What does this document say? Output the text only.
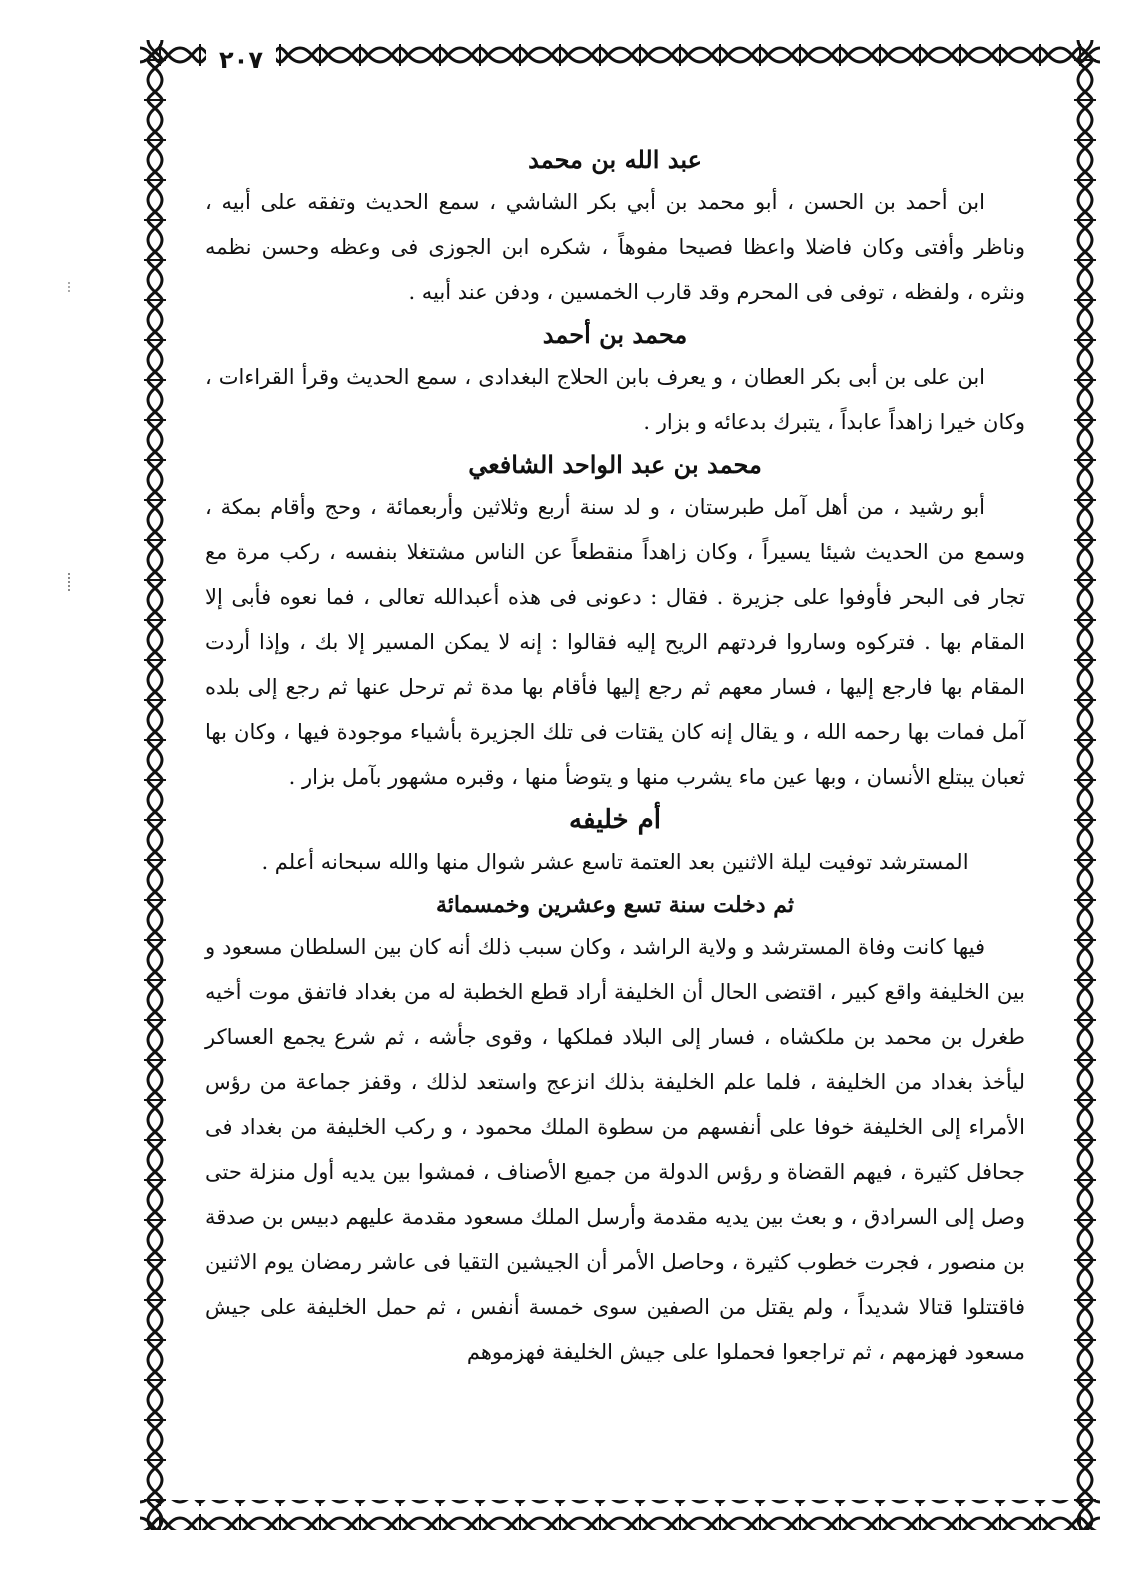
٢٠٧
عبد الله بن محمد

ابن أحمد بن الحسن ، أبو محمد بن أبي بكر الشاشي ، سمع الحديث وتفقه على أبيه ، وناظر وأفتى وكان فاضلا واعظا فصيحا مفوهاً ، شكره ابن الجوزى فى وعظه وحسن نظمه ونثره ، ولفظه ، توفى فى المحرم وقد قارب الخمسين ، ودفن عند أبيه .

محمد بن أحمد

ابن على بن أبى بكر العطان ، و يعرف بابن الحلاج البغدادى ، سمع الحديث وقرأ القراءات ، وكان خيرا زاهداً عابداً ، يتبرك بدعائه و بزار .

محمد بن عبد الواحد الشافعي

أبو رشيد ، من أهل آمل طبرستان ، و لد سنة أربع وثلاثين وأربعمائة ، وحج وأقام بمكة ، وسمع من الحديث شيئا يسيراً ، وكان زاهداً منقطعاً عن الناس مشتغلا بنفسه ، ركب مرة مع تجار فى البحر فأوفوا على جزيرة . فقال : دعونى فى هذه أعبدالله تعالى ، فما نعوه فأبى إلا المقام بها . فتركوه وساروا فردتهم الريح إليه فقالوا : إنه لا يمكن المسير إلا بك ، وإذا أردت المقام بها فارجع إليها ، فسار معهم ثم رجع إليها فأقام بها مدة ثم ترحل عنها ثم رجع إلى بلده آمل فمات بها رحمه الله ، و يقال إنه كان يقتات فى تلك الجزيرة بأشياء موجودة فيها ، وكان بها ثعبان يبتلع الأنسان ، وبها عين ماء يشرب منها و يتوضأ منها ، وقبره مشهور بآمل بزار .

أم خليفه

المسترشد توفيت ليلة الاثنين بعد العتمة تاسع عشر شوال منها والله سبحانه أعلم .

ثم دخلت سنة تسع وعشرين وخمسمائة

فيها كانت وفاة المسترشد و ولاية الراشد ، وكان سبب ذلك أنه كان بين السلطان مسعود و بين الخليفة واقع كبير ، اقتضى الحال أن الخليفة أراد قطع الخطبة له من بغداد فاتفق موت أخيه طغرل بن محمد بن ملكشاه ، فسار إلى البلاد فملكها ، وقوى جأشه ، ثم شرع يجمع العساكر ليأخذ بغداد من الخليفة ، فلما علم الخليفة بذلك انزعج واستعد لذلك ، وقفز جماعة من رؤس الأمراء إلى الخليفة خوفا على أنفسهم من سطوة الملك محمود ، و ركب الخليفة من بغداد فى جحافل كثيرة ، فيهم القضاة و رؤس الدولة من جميع الأصناف ، فمشوا بين يديه أول منزلة حتى وصل إلى السرادق ، و بعث بين يديه مقدمة وأرسل الملك مسعود مقدمة عليهم دبيس بن صدقة بن منصور ، فجرت خطوب كثيرة ، وحاصل الأمر أن الجيشين التقيا فى عاشر رمضان يوم الاثنين فاقتتلوا قتالا شديداً ، ولم يقتل من الصفين سوى خمسة أنفس ، ثم حمل الخليفة على جيش مسعود فهزمهم ، ثم تراجعوا فحملوا على جيش الخليفة فهزموهم
